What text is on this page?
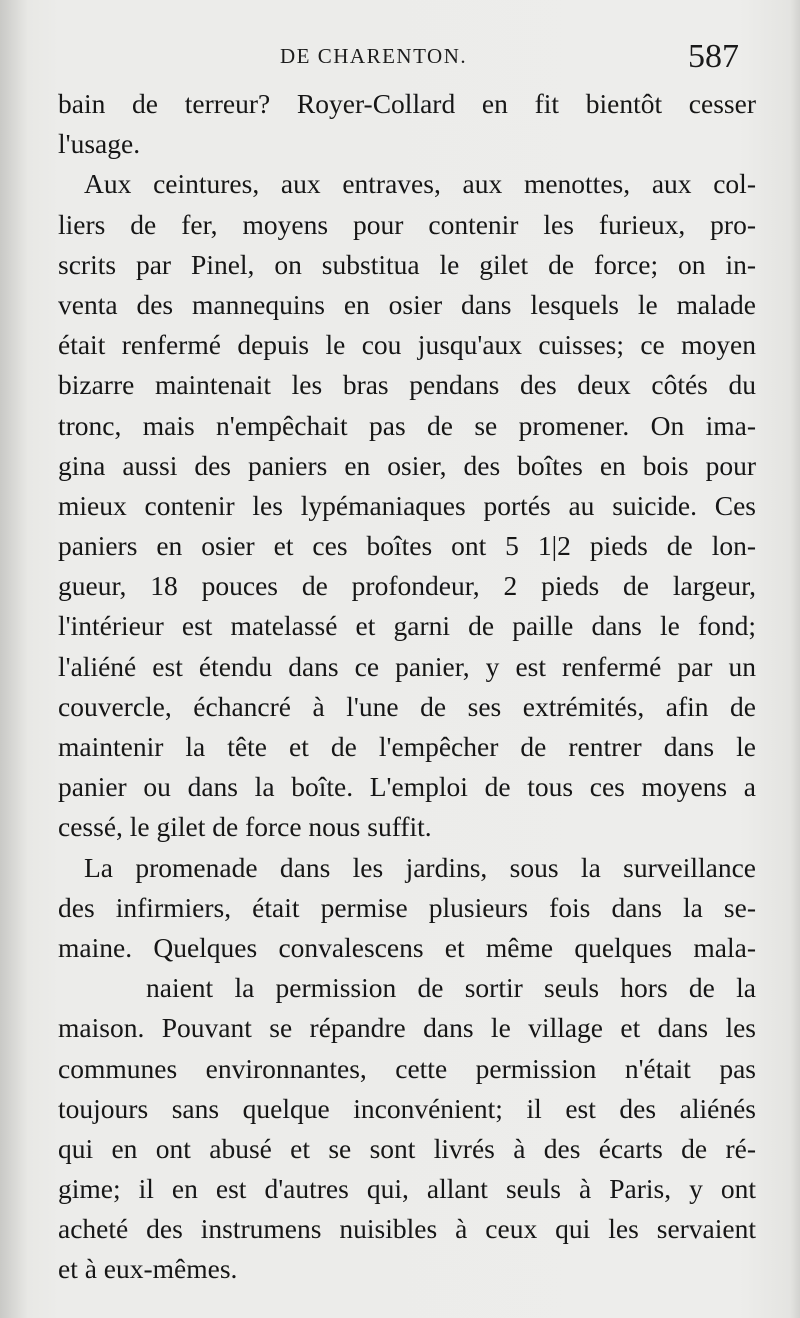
DE CHARENTON.	587
bain de terreur? Royer-Collard en fit bientôt cesser
l'usage.
Aux ceintures, aux entraves, aux menottes, aux col-
liers de fer, moyens pour contenir les furieux, pro-
scrits par Pinel, on substitua le gilet de force; on in-
venta des mannequins en osier dans lesquels le malade
était renfermé depuis le cou jusqu'aux cuisses; ce moyen
bizarre maintenait les bras pendans des deux côtés du
tronc, mais n'empêchait pas de se promener. On ima-
gina aussi des paniers en osier, des boîtes en bois pour
mieux contenir les lypémaniaques portés au suicide. Ces
paniers en osier et ces boîtes ont 5 1|2 pieds de lon-
gueur, 18 pouces de profondeur, 2 pieds de largeur,
l'intérieur est matelassé et garni de paille dans le fond;
l'aliéné est étendu dans ce panier, y est renfermé par un
couvercle, échancré à l'une de ses extrémités, afin de
maintenir la tête et de l'empêcher de rentrer dans le
panier ou dans la boîte. L'emploi de tous ces moyens a
cessé, le gilet de force nous suffit.
La promenade dans les jardins, sous la surveillance
des infirmiers, était permise plusieurs fois dans la se-
maine. Quelques convalescens et même quelques mala-
naient la permission de sortir seuls hors de la
maison. Pouvant se répandre dans le village et dans les
communes environnantes, cette permission n'était pas
toujours sans quelque inconvénient; il est des aliénés
qui en ont abusé et se sont livrés à des écarts de ré-
gime; il en est d'autres qui, allant seuls à Paris, y ont
acheté des instrumens nuisibles à ceux qui les servaient
et à eux-mêmes.
